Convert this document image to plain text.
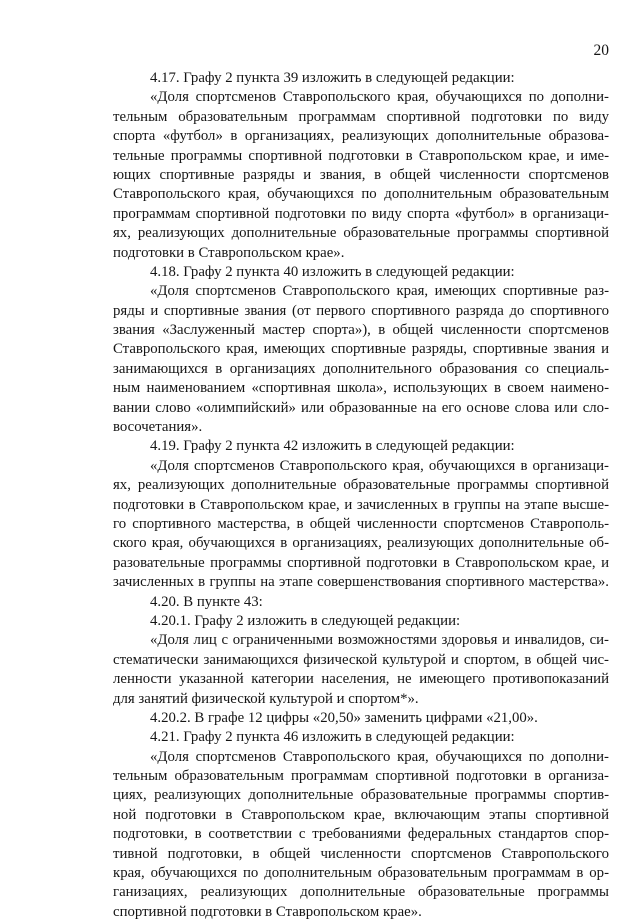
20
4.17. Графу 2 пункта 39 изложить в следующей редакции:
«Доля спортсменов Ставропольского края, обучающихся по дополни-
тельным образовательным программам спортивной подготовки по виду
спорта «футбол» в организациях, реализующих дополнительные образова-
тельные программы спортивной подготовки в Ставропольском крае, и име-
ющих спортивные разряды и звания, в общей численности спортсменов
Ставропольского края, обучающихся по дополнительным образовательным
программам спортивной подготовки по виду спорта «футбол» в организаци-
ях, реализующих дополнительные образовательные программы спортивной
подготовки в Ставропольском крае».
4.18. Графу 2 пункта 40 изложить в следующей редакции:
«Доля спортсменов Ставропольского края, имеющих спортивные раз-
ряды и спортивные звания (от первого спортивного разряда до спортивного
звания «Заслуженный мастер спорта»), в общей численности спортсменов
Ставропольского края, имеющих спортивные разряды, спортивные звания и
занимающихся в организациях дополнительного образования со специаль-
ным наименованием «спортивная школа», использующих в своем наимено-
вании слово «олимпийский» или образованные на его основе слова или сло-
восочетания».
4.19. Графу 2 пункта 42 изложить в следующей редакции:
«Доля спортсменов Ставропольского края, обучающихся в организаци-
ях, реализующих дополнительные образовательные программы спортивной
подготовки в Ставропольском крае, и зачисленных в группы на этапе высше-
го спортивного мастерства, в общей численности спортсменов Ставрополь-
ского края, обучающихся в организациях, реализующих дополнительные об-
разовательные программы спортивной подготовки в Ставропольском крае, и
зачисленных в группы на этапе совершенствования спортивного мастерства».
4.20. В пункте 43:
4.20.1. Графу 2 изложить в следующей редакции:
«Доля лиц с ограниченными возможностями здоровья и инвалидов, си-
стематически занимающихся физической культурой и спортом, в общей чис-
ленности указанной категории населения, не имеющего противопоказаний
для занятий физической культурой и спортом*».
4.20.2. В графе 12 цифры «20,50» заменить цифрами «21,00».
4.21. Графу 2 пункта 46 изложить в следующей редакции:
«Доля спортсменов Ставропольского края, обучающихся по дополни-
тельным образовательным программам спортивной подготовки в организа-
циях, реализующих дополнительные образовательные программы спортив-
ной подготовки в Ставропольском крае, включающим этапы спортивной
подготовки, в соответствии с требованиями федеральных стандартов спор-
тивной подготовки, в общей численности спортсменов Ставропольского
края, обучающихся по дополнительным образовательным программам в ор-
ганизациях, реализующих дополнительные образовательные программы
спортивной подготовки в Ставропольском крае».
